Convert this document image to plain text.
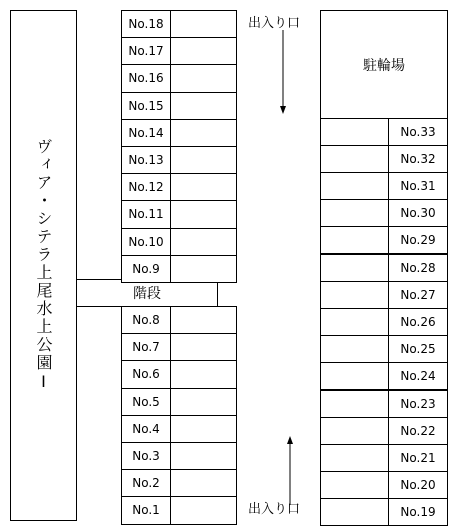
ヴィア・シテラ上尾水上公園Ⅰ	階段
駐輪場
出入り口
出入り口
No.18
No.17
No.16
No.15
No.14
No.13
No.12
No.11
No.10
No.9
No.8
No.7
No.6
No.5
No.4
No.3
No.2
No.1
No.33
No.32
No.31
No.30
No.29
No.28
No.27
No.26
No.25
No.24
No.23
No.22
No.21
No.20
No.19
